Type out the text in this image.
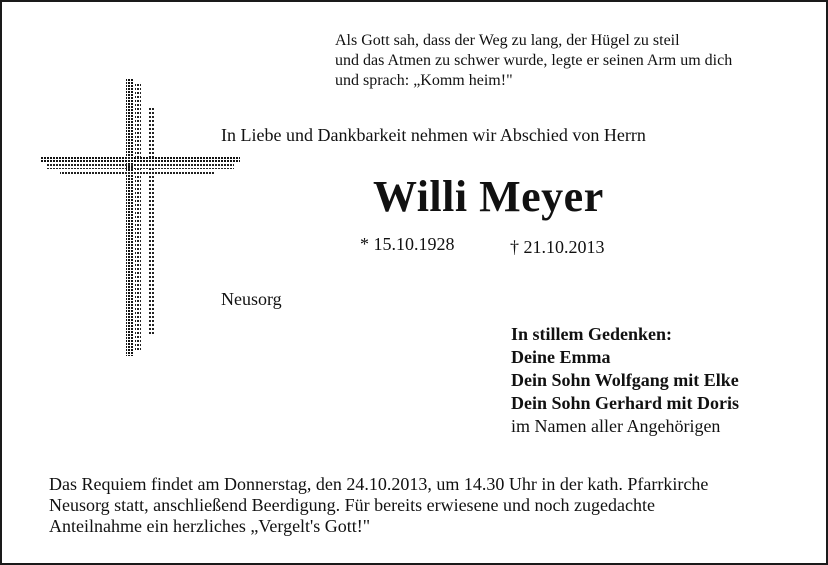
Als Gott sah, dass der Weg zu lang, der Hügel zu steil
und das Atmen zu schwer wurde, legte er seinen Arm um dich
und sprach: „Komm heim!"
In Liebe und Dankbarkeit nehmen wir Abschied von Herrn
Willi Meyer
* 15.10.1928	† 21.10.2013
Neusorg
In stillem Gedenken:
Deine Emma
Dein Sohn Wolfgang mit Elke
Dein Sohn Gerhard mit Doris
im Namen aller Angehörigen
Das Requiem findet am Donnerstag, den 24.10.2013, um 14.30 Uhr in der kath. Pfarrkirche
Neusorg statt, anschließend Beerdigung. Für bereits erwiesene und noch zugedachte
Anteilnahme ein herzliches „Vergelt's Gott!"
